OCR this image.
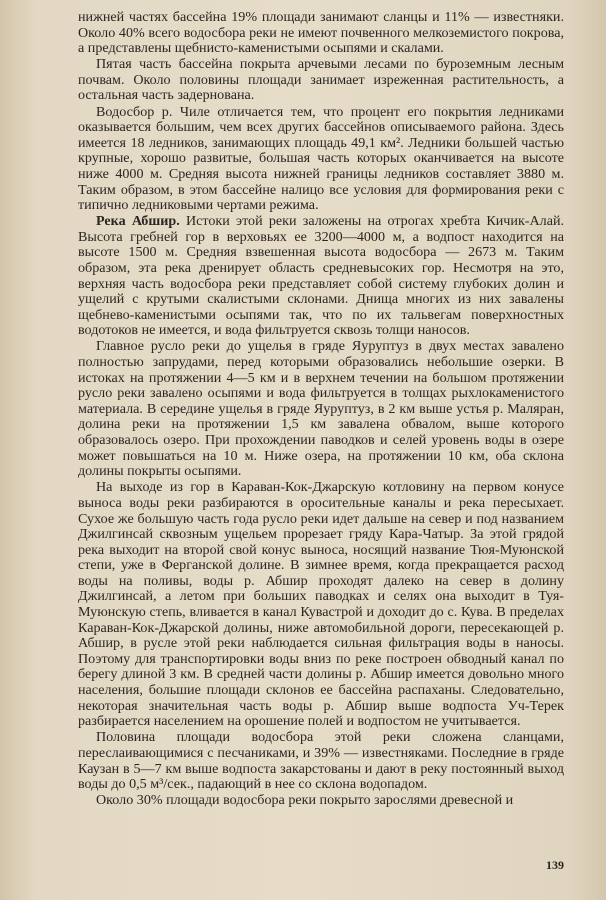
нижней частях бассейна 19% площади занимают сланцы и 11% — известняки. Около 40% всего водосбора реки не имеют почвенного мелкоземистого покрова, а представлены щебнисто-каменистыми осыпями и скалами.

Пятая часть бассейна покрыта арчевыми лесами по буроземным лесным почвам. Около половины площади занимает изреженная растительность, а остальная часть задернована.

Водосбор р. Чиле отличается тем, что процент его покрытия ледниками оказывается большим, чем всех других бассейнов описываемого района. Здесь имеется 18 ледников, занимающих площадь 49,1 км². Ледники большей частью крупные, хорошо развитые, большая часть которых оканчивается на высоте ниже 4000 м. Средняя высота нижней границы ледников составляет 3880 м. Таким образом, в этом бассейне налицо все условия для формирования реки с типично ледниковыми чертами режима.

Река Абшир. Истоки этой реки заложены на отрогах хребта Кичик-Алай. Высота гребней гор в верховьях ее 3200—4000 м, а водпост находится на высоте 1500 м. Средняя взвешенная высота водосбора — 2673 м. Таким образом, эта река дренирует область средневысоких гор. Несмотря на это, верхняя часть водосбора реки представляет собой систему глубоких долин и ущелий с крутыми скалистыми склонами. Днища многих из них завалены щебнево-каменистыми осыпями так, что по их тальвегам поверхностных водотоков не имеется, и вода фильтруется сквозь толщи наносов.

Главное русло реки до ущелья в гряде Яуруптуз в двух местах завалено полностью запрудами, перед которыми образовались небольшие озерки. В истоках на протяжении 4—5 км и в верхнем течении на большом протяжении русло реки завалено осыпями и вода фильтруется в толщах рыхлокаменистого материала. В середине ущелья в гряде Яуруптуз, в 2 км выше устья р. Маляран, долина реки на протяжении 1,5 км завалена обвалом, выше которого образовалось озеро. При прохождении паводков и селей уровень воды в озере может повышаться на 10 м. Ниже озера, на протяжении 10 км, оба склона долины покрыты осыпями.

На выходе из гор в Караван-Кок-Джарскую котловину на первом конусе выноса воды реки разбираются в оросительные каналы и река пересыхает. Сухое же большую часть года русло реки идет дальше на север и под названием Джилгинсай сквозным ущельем прорезает гряду Кара-Чатыр. За этой грядой река выходит на второй свой конус выноса, носящий название Тюя-Муюнской степи, уже в Ферганской долине. В зимнее время, когда прекращается расход воды на поливы, воды р. Абшир проходят далеко на север в долину Джилгинсай, а летом при больших паводках и селях она выходит в Туя-Муюнскую степь, вливается в канал Кувастрой и доходит до с. Кува. В пределах Караван-Кок-Джарской долины, ниже автомобильной дороги, пересекающей р. Абшир, в русле этой реки наблюдается сильная фильтрация воды в наносы. Поэтому для транспортировки воды вниз по реке построен обводный канал по берегу длиной 3 км. В средней части долины р. Абшир имеется довольно много населения, большие площади склонов ее бассейна распаханы. Следовательно, некоторая значительная часть воды р. Абшир выше водпоста Уч-Терек разбирается населением на орошение полей и водпостом не учитывается.

Половина площади водосбора этой реки сложена сланцами, переслаивающимися с песчаниками, и 39% — известняками. Последние в гряде Каузан в 5—7 км выше водпоста закарстованы и дают в реку постоянный выход воды до 0,5 м³/сек., падающий в нее со склона водопадом.

Около 30% площади водосбора реки покрыто зарослями древесной и

139
